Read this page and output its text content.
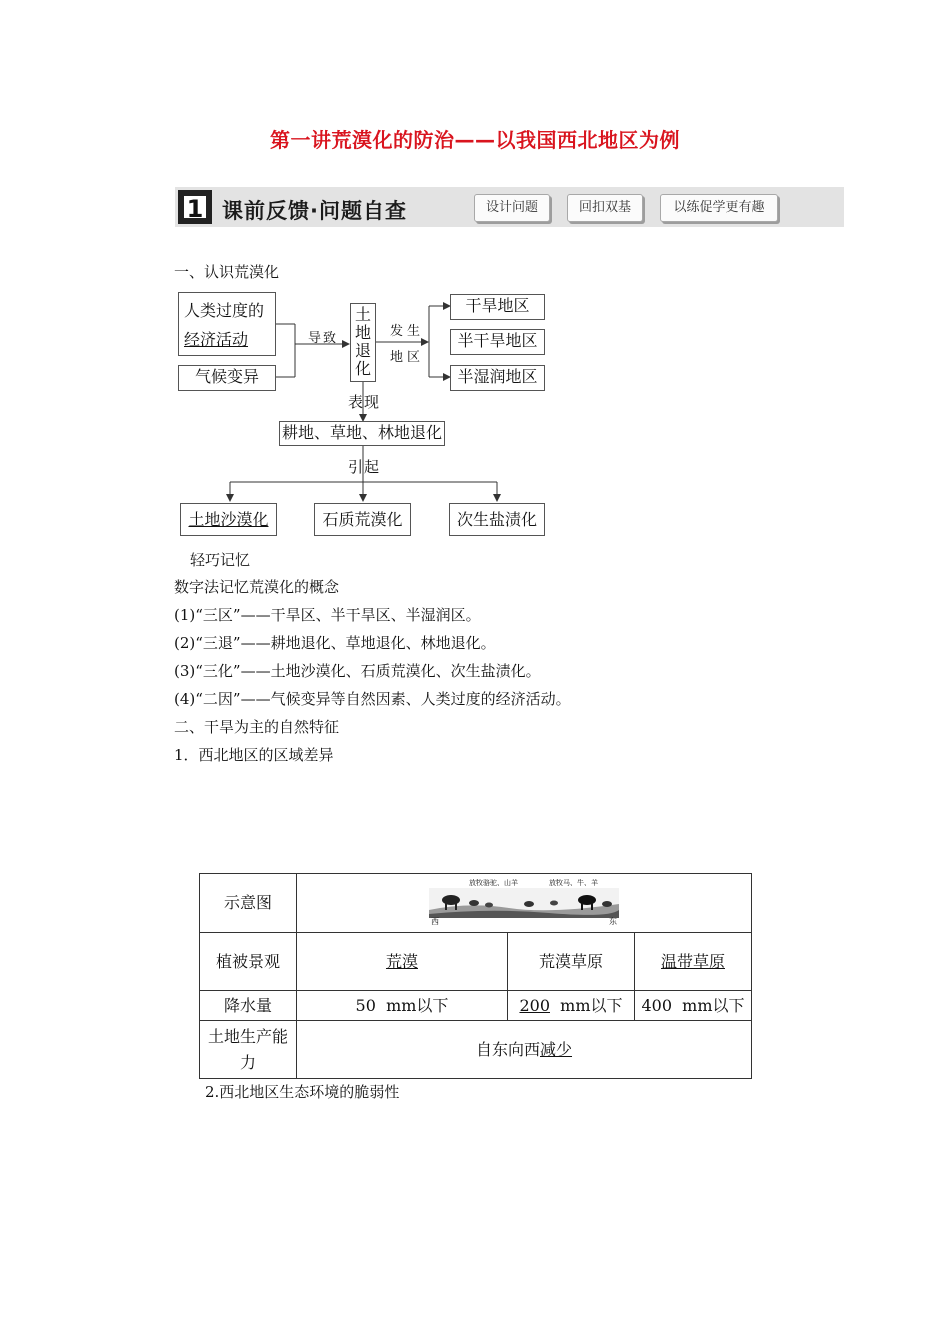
第一讲荒漠化的防治——以我国西北地区为例
1 课前反馈·问题自查	设计问题	回扣双基	以练促学更有趣
一、认识荒漠化
人类过度的
经济活动
气候变异
导致
土地退化
发生
地区
干旱地区
半干旱地区
半湿润地区
表现
耕地、草地、林地退化
引起
土地沙漠化	石质荒漠化	次生盐渍化
轻巧记忆
数字法记忆荒漠化的概念
(1)“三区”——干旱区、半干旱区、半湿润区。
(2)“三退”——耕地退化、草地退化、林地退化。
(3)“三化”——土地沙漠化、石质荒漠化、次生盐渍化。
(4)“二因”——气候变异等自然因素、人类过度的经济活动。
二、干旱为主的自然特征
1．西北地区的区域差异
示意图	放牧骆驼、山羊 放牧马、牛、羊
西 东		

植被景观	荒漠	荒漠草原	温带草原
降水量	50 mm以下	200 mm以下	400 mm以下
土地生产能力	自东向西减少		
2.西北地区生态环境的脆弱性
